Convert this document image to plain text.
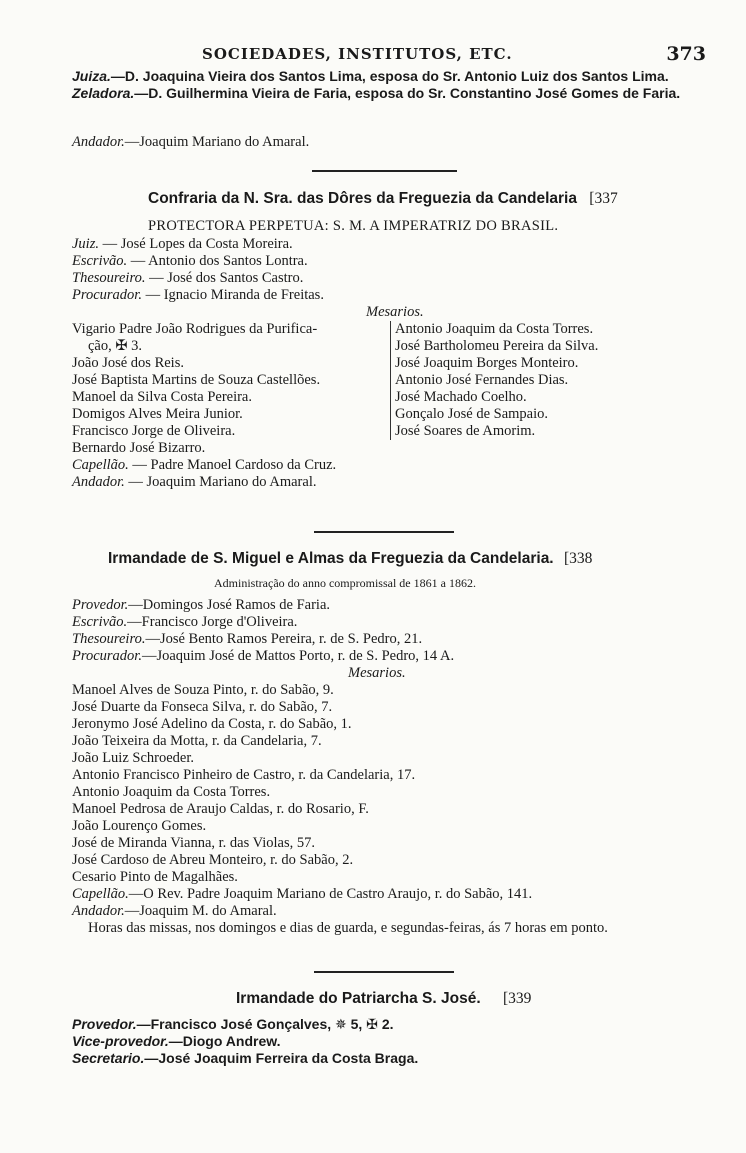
SOCIEDADES, INSTITUTOS, ETC.	373
Juiza.—D. Joaquina Vieira dos Santos Lima, esposa do Sr. Antonio Luiz dos Santos Lima.
Zeladora.—D. Guilhermina Vieira de Faria, esposa do Sr. Constantino José Gomes de Faria.
Andador.—Joaquim Mariano do Amaral.
Confraria da N. Sra. das Dôres da Freguezia da Candelaria [337
PROTECTORA PERPETUA: S. M. A IMPERATRIZ DO BRASIL.
Juiz. — José Lopes da Costa Moreira.
Escrivão. — Antonio dos Santos Lontra.
Thesoureiro. — José dos Santos Castro.
Procurador. — Ignacio Miranda de Freitas.
Mesarios.
Vigario Padre João Rodrigues da Purifica-
ção, ✠ 3.
João José dos Reis.
José Baptista Martins de Souza Castellões.
Manoel da Silva Costa Pereira.
Domigos Alves Meira Junior.
Francisco Jorge de Oliveira.
Antonio Joaquim da Costa Torres.
José Bartholomeu Pereira da Silva.
José Joaquim Borges Monteiro.
Antonio José Fernandes Dias.
José Machado Coelho.
Gonçalo José de Sampaio.
José Soares de Amorim.
Bernardo José Bizarro.
Capellão. — Padre Manoel Cardoso da Cruz.
Andador. — Joaquim Mariano do Amaral.
Irmandade de S. Miguel e Almas da Freguezia da Candelaria. [338
Administração do anno compromissal de 1861 a 1862.
Provedor.—Domingos José Ramos de Faria.
Escrivão.—Francisco Jorge d'Oliveira.
Thesoureiro.—José Bento Ramos Pereira, r. de S. Pedro, 21.
Procurador.—Joaquim José de Mattos Porto, r. de S. Pedro, 14 A.
Mesarios.
Manoel Alves de Souza Pinto, r. do Sabão, 9.
José Duarte da Fonseca Silva, r. do Sabão, 7.
Jeronymo José Adelino da Costa, r. do Sabão, 1.
João Teixeira da Motta, r. da Candelaria, 7.
João Luiz Schroeder.
Antonio Francisco Pinheiro de Castro, r. da Candelaria, 17.
Antonio Joaquim da Costa Torres.
Manoel Pedrosa de Araujo Caldas, r. do Rosario, F.
João Lourenço Gomes.
José de Miranda Vianna, r. das Violas, 57.
José Cardoso de Abreu Monteiro, r. do Sabão, 2.
Cesario Pinto de Magalhães.
Capellão.—O Rev. Padre Joaquim Mariano de Castro Araujo, r. do Sabão, 141.
Andador.—Joaquim M. do Amaral.
Horas das missas, nos domingos e dias de guarda, e segundas-feiras, ás 7 horas em ponto.
Irmandade do Patriarcha S. José. [339
Provedor.—Francisco José Gonçalves, ✵ 5, ✠ 2.
Vice-provedor.—Diogo Andrew.
Secretario.—José Joaquim Ferreira da Costa Braga.
